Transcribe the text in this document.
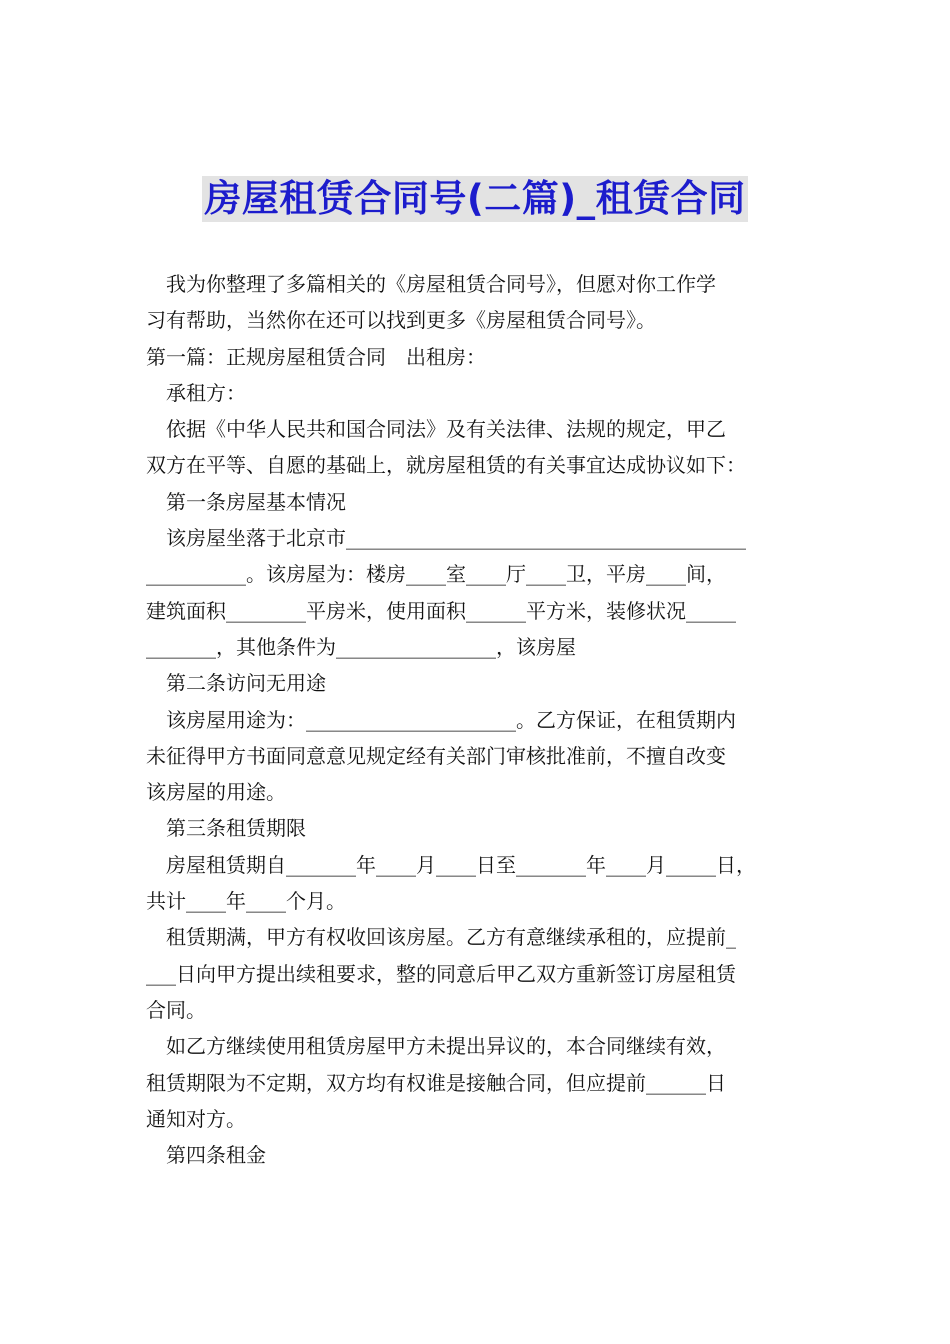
房屋租赁合同号(二篇)_租赁合同
我为你整理了多篇相关的《房屋租赁合同号》，但愿对你工作学
习有帮助，当然你在还可以找到更多《房屋租赁合同号》。
第一篇：正规房屋租赁合同　出租房：
承租方：
依据《中华人民共和国合同法》及有关法律、法规的规定，甲乙
双方在平等、自愿的基础上，就房屋租赁的有关事宜达成协议如下：
第一条房屋基本情况
该房屋坐落于北京市________________________________________
__________。该房屋为：楼房____室____厅____卫，平房____间，
建筑面积________平房米，使用面积______平方米，装修状况_____
_______，其他条件为________________，该房屋
第二条访问无用途
该房屋用途为：_____________________。乙方保证，在租赁期内
未征得甲方书面同意意见规定经有关部门审核批准前，不擅自改变
该房屋的用途。
第三条租赁期限
房屋租赁期自_______年____月____日至_______年____月_____日，
共计____年____个月。
租赁期满，甲方有权收回该房屋。乙方有意继续承租的，应提前_
___日向甲方提出续租要求，整的同意后甲乙双方重新签订房屋租赁
合同。
如乙方继续使用租赁房屋甲方未提出异议的，本合同继续有效，
租赁期限为不定期，双方均有权谁是接触合同，但应提前______日
通知对方。
第四条租金
